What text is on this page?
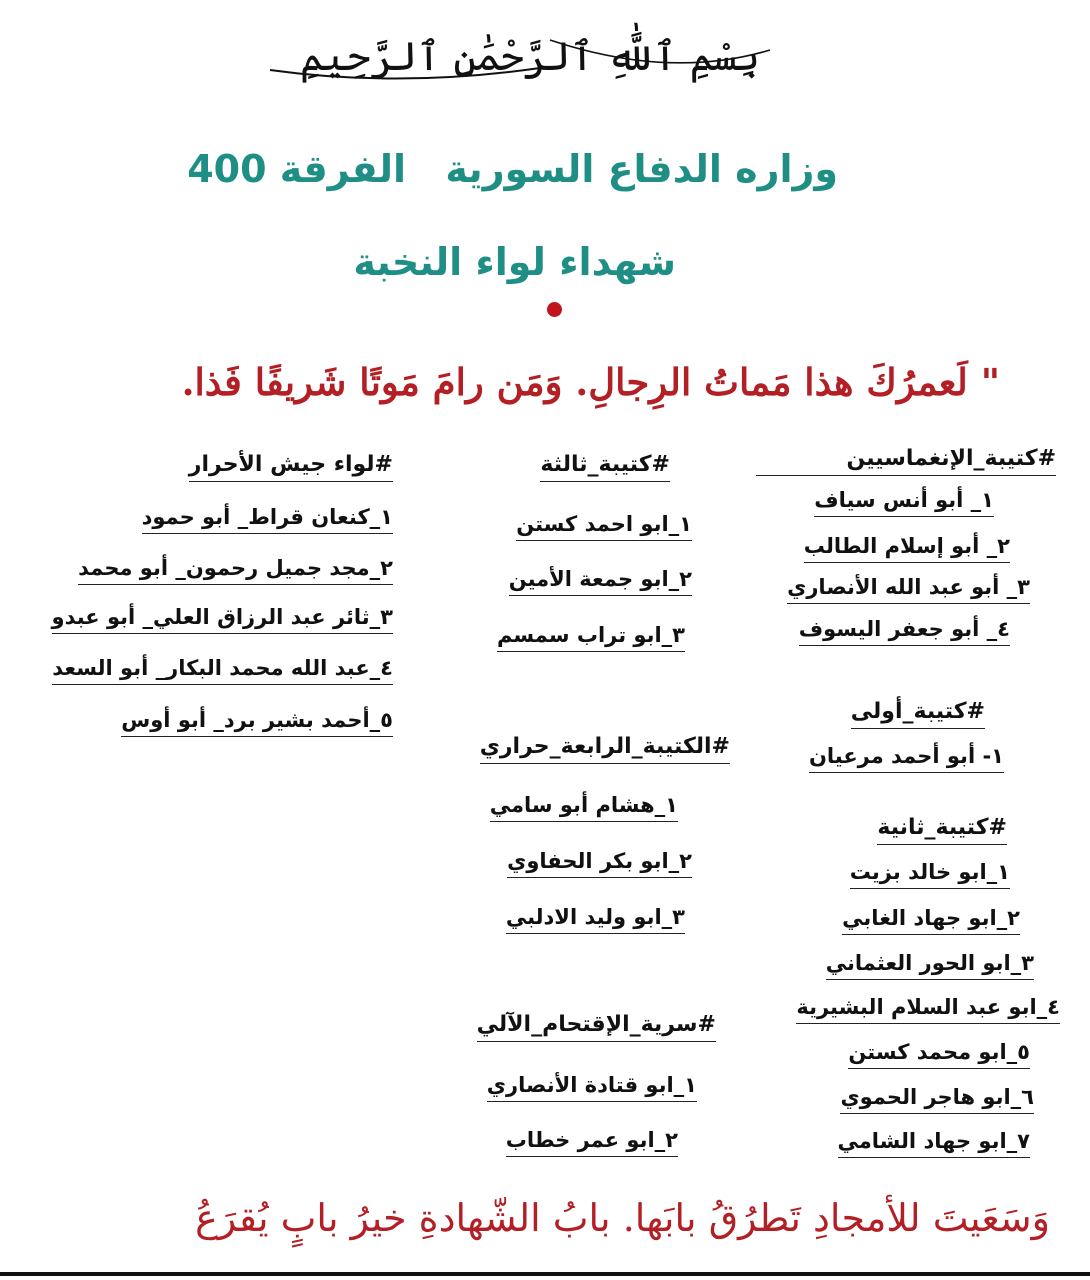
بِسْمِ ٱللَّٰهِ ٱلرَّحْمَٰنِ ٱلرَّحِيمِ
وزاره الدفاع السورية
الفرقة 400
شهداء لواء النخبة
" لَعمرُكَ هذا مَماتُ الرِجالِ. وَمَن رامَ مَوتًا شَريفًا فَذا.
#كتيبة_الإنغماسيين
١_ أبو أنس سياف
٢_ أبو إسلام الطالب
٣_ أبو عبد الله الأنصاري
٤_ أبو جعفر اليسوف
#كتيبة_أولى
١- أبو أحمد مرعيان
#كتيبة_ثانية
١_ابو خالد بزيت
٢_ابو جهاد الغابي
٣_ابو الحور العثماني
٤_ابو عبد السلام البشيرية
٥_ابو محمد كستن
٦_ابو هاجر الحموي
٧_ابو جهاد الشامي
#كتيبة_ثالثة
١_ابو احمد كستن
٢_ابو جمعة الأمين
٣_ابو تراب سمسم
#الكتيبة_الرابعة_حراري
١_هشام أبو سامي
٢_ابو بكر الحفاوي
٣_ابو وليد الادلبي
#سرية_الإقتحام_الآلي
١_ابو قتادة الأنصاري
٢_ابو عمر خطاب
#لواء جيش الأحرار
١_كنعان قراط_ أبو حمود
٢_مجد جميل رحمون_ أبو محمد
٣_ثائر عبد الرزاق العلي_ أبو عبدو
٤_عبد الله محمد البكار_ أبو السعد
٥_أحمد بشير برد_ أبو أوس
وَسَعَيتَ للأمجادِ تَطرُقُ بابَها. بابُ الشّهادةِ خيرُ بابٍ يُقرَعُ
